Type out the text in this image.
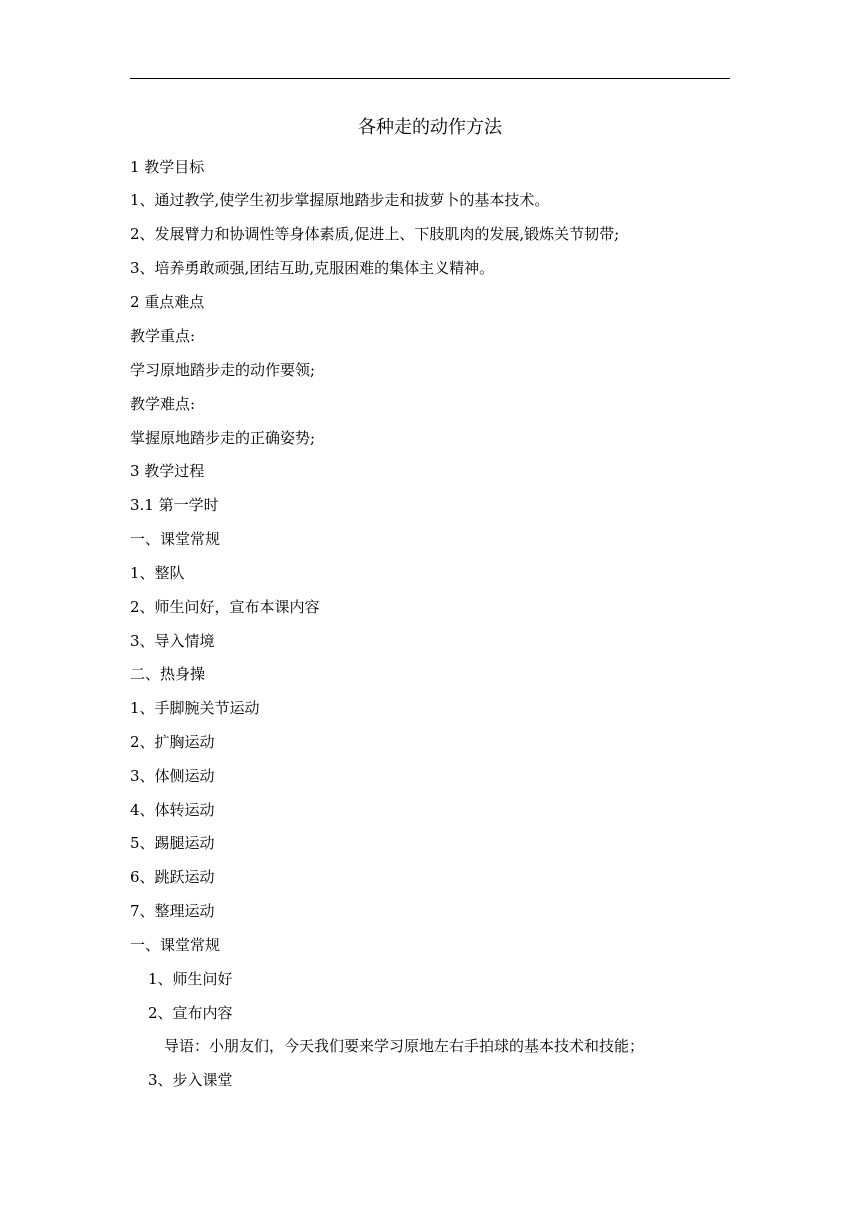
各种走的动作方法
1 教学目标
1、通过教学,使学生初步掌握原地踏步走和拔萝卜的基本技术。
2、发展臂力和协调性等身体素质,促进上、下肢肌肉的发展,锻炼关节韧带;
3、培养勇敢顽强,团结互助,克服困难的集体主义精神。
2 重点难点
教学重点:
学习原地踏步走的动作要领;
教学难点:
掌握原地踏步走的正确姿势;
3 教学过程
3.1 第一学时
一、课堂常规
1、整队
2、师生问好，宣布本课内容
3、导入情境
二、热身操
1、手脚腕关节运动
2、扩胸运动
3、体侧运动
4、体转运动
5、踢腿运动
6、跳跃运动
7、整理运动
一、课堂常规
1、师生问好
2、宣布内容
导语：小朋友们，今天我们要来学习原地左右手拍球的基本技术和技能；
3、步入课堂
